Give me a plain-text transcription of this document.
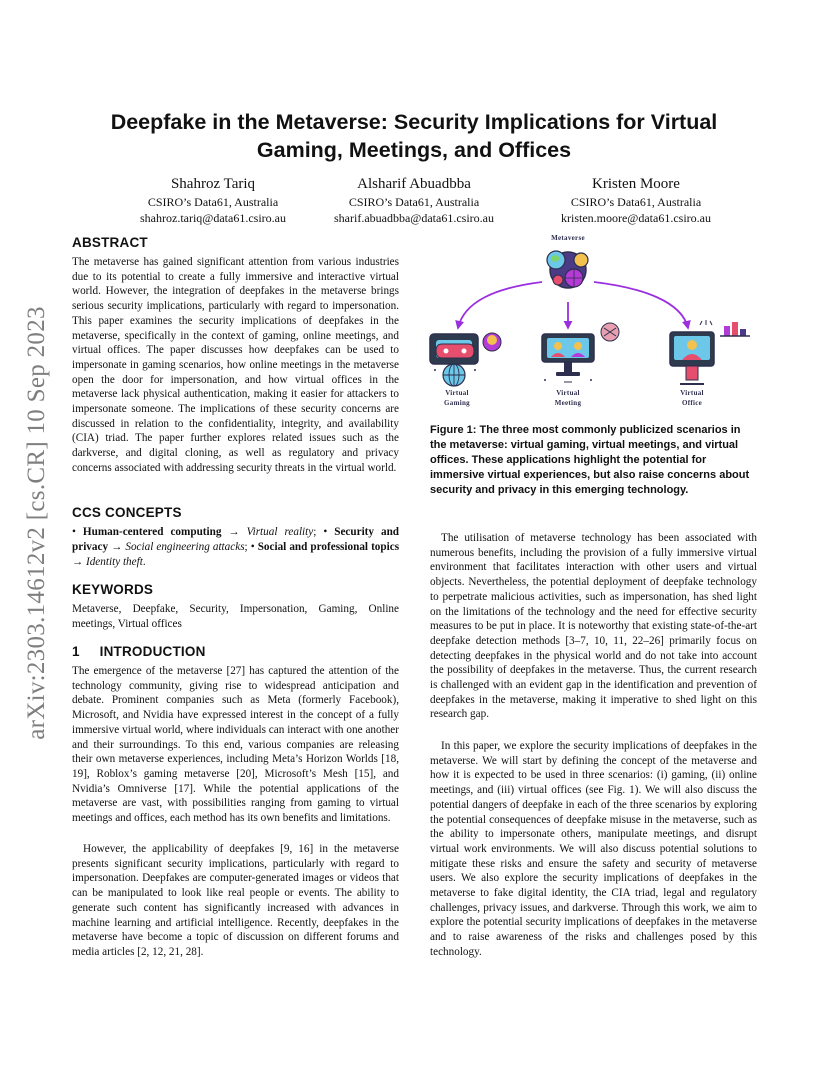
arXiv:2303.14612v2 [cs.CR] 10 Sep 2023
Deepfake in the Metaverse: Security Implications for Virtual
Gaming, Meetings, and Offices
Shahroz Tariq
CSIRO’s Data61, Australia
shahroz.tariq@data61.csiro.au
Alsharif Abuadbba
CSIRO’s Data61, Australia
sharif.abuadbba@data61.csiro.au
Kristen Moore
CSIRO’s Data61, Australia
kristen.moore@data61.csiro.au
ABSTRACT
The metaverse has gained significant attention from various industries due to its potential to create a fully immersive and interactive virtual world. However, the integration of deepfakes in the metaverse brings serious security implications, particularly with regard to impersonation. This paper examines the security implications of deepfakes in the metaverse, specifically in the context of gaming, online meetings, and virtual offices. The paper discusses how deepfakes can be used to impersonate in gaming scenarios, how online meetings in the metaverse open the door for impersonation, and how virtual offices in the metaverse lack physical authentication, making it easier for attackers to impersonate someone. The implications of these security concerns are discussed in relation to the confidentiality, integrity, and availability (CIA) triad. The paper further explores related issues such as the darkverse, and digital cloning, as well as regulatory and privacy concerns associated with addressing security threats in the virtual world.
CCS CONCEPTS
• Human-centered computing → Virtual reality; • Security and privacy → Social engineering attacks; • Social and professional topics → Identity theft.
KEYWORDS
Metaverse, Deepfake, Security, Impersonation, Gaming, Online meetings, Virtual offices
1 INTRODUCTION
The emergence of the metaverse [27] has captured the attention of the technology community, giving rise to widespread anticipation and debate. Prominent companies such as Meta (formerly Facebook), Microsoft, and Nvidia have expressed interest in the concept of a fully immersive virtual world, where individuals can interact with one another and their surroundings. To this end, various companies are releasing their own metaverse experiences, including Meta’s Horizon Worlds [18, 19], Roblox’s gaming metaverse [20], Microsoft’s Mesh [15], and Nvidia’s Omniverse [17]. While the potential applications of the metaverse are vast, with possibilities ranging from gaming to virtual meetings and offices, each method has its own benefits and limitations.
However, the applicability of deepfakes [9, 16] in the metaverse presents significant security implications, particularly with regard to impersonation. Deepfakes are computer-generated images or videos that can be manipulated to look like real people or events. The ability to generate such content has significantly increased with advances in machine learning and artificial intelligence. Recently, deepfakes in the metaverse have become a topic of discussion on different forums and media articles [2, 12, 21, 28].
Metaverse
Virtual
Gaming
Virtual
Meeting
Virtual
Office
Figure 1: The three most commonly publicized scenarios in the metaverse: virtual gaming, virtual meetings, and virtual offices. These applications highlight the potential for immersive virtual experiences, but also raise concerns about security and privacy in this emerging technology.
The utilisation of metaverse technology has been associated with numerous benefits, including the provision of a fully immersive virtual environment that facilitates interaction with other users and virtual objects. Nevertheless, the potential deployment of deepfake technology to perpetrate malicious activities, such as impersonation, has shed light on the limitations of the technology and the need for effective security measures to be put in place. It is noteworthy that existing state-of-the-art deepfake detection methods [3–7, 10, 11, 22–26] primarily focus on detecting deepfakes in the physical world and do not take into account the possibility of deepfakes in the metaverse. Thus, the current research is challenged with an evident gap in the identification and prevention of deepfakes in the metaverse, making it imperative to shed light on this research gap.
In this paper, we explore the security implications of deepfakes in the metaverse. We will start by defining the concept of the metaverse and how it is expected to be used in three scenarios: (i) gaming, (ii) online meetings, and (iii) virtual offices (see Fig. 1). We will also discuss the potential dangers of deepfake in each of the three scenarios by exploring the potential consequences of deepfake misuse in the metaverse, such as the ability to impersonate others, manipulate meetings, and disrupt virtual work environments. We will also discuss potential solutions to mitigate these risks and ensure the safety and security of metaverse users. We also explore the security implications of deepfakes in the metaverse to fake digital identity, the CIA triad, legal and regulatory challenges, privacy issues, and darkverse. Through this work, we aim to explore the potential security implications of deepfakes in the metaverse and to raise awareness of the risks and challenges posed by this technology.
